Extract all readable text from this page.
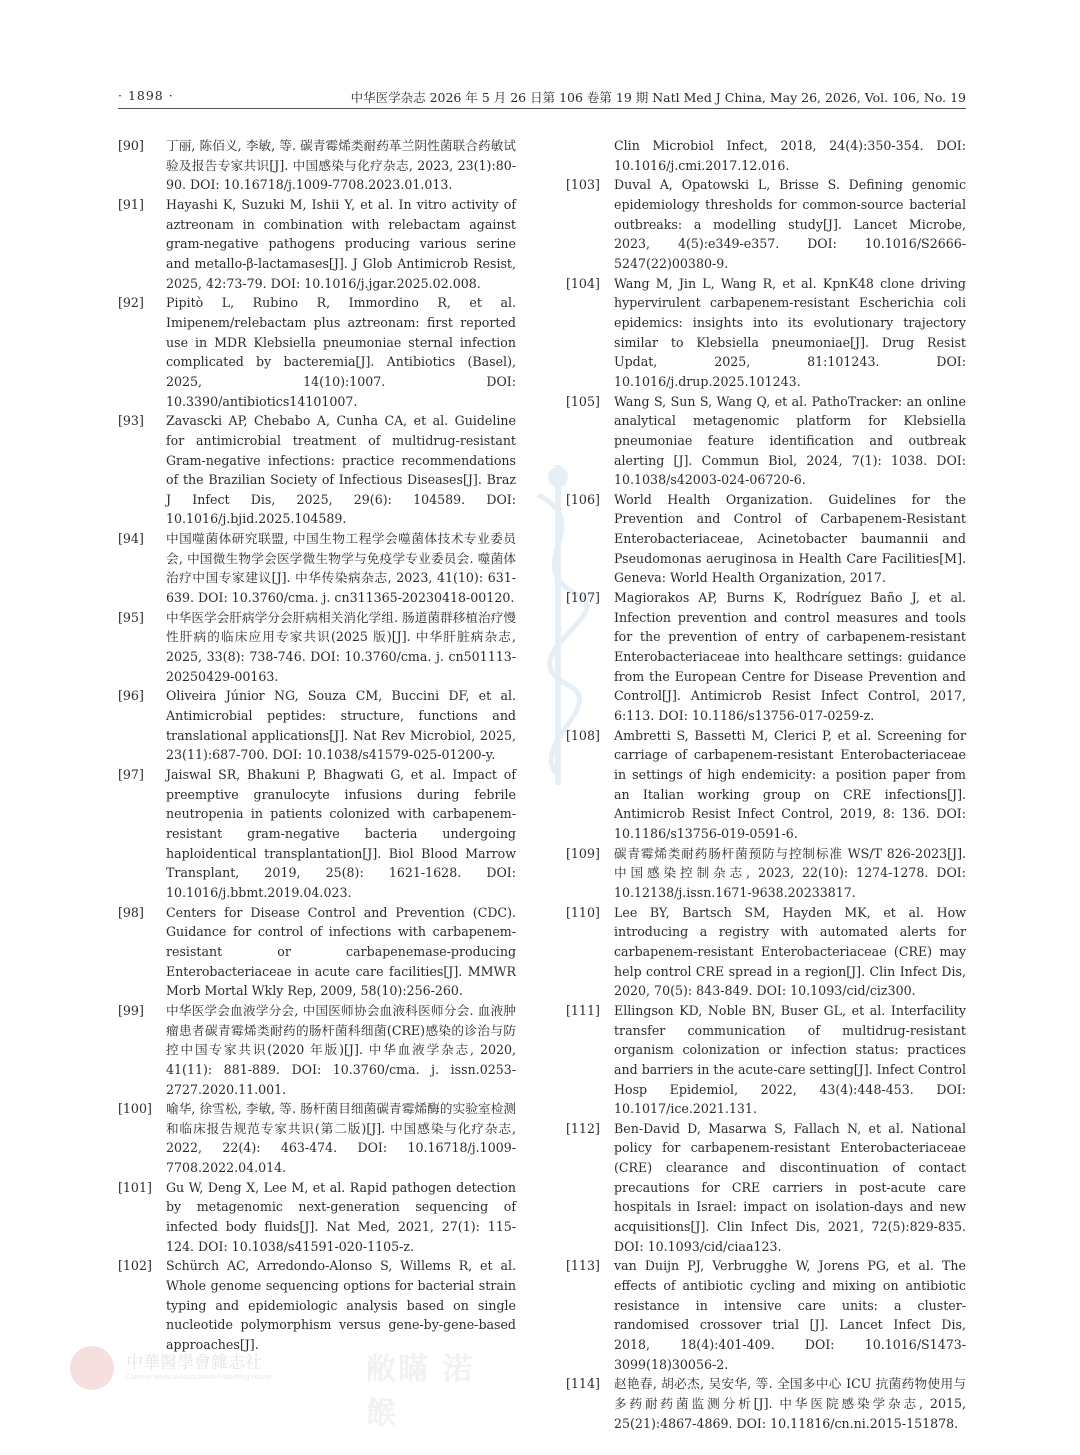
· 1898 ·	中华医学杂志 2026 年 5 月 26 日第 106 卷第 19 期 Natl Med J China, May 26, 2026, Vol. 106, No. 19
[90]	丁丽, 陈佰义, 李敏, 等. 碳青霉烯类耐药革兰阴性菌联合药敏试验及报告专家共识[J]. 中国感染与化疗杂志, 2023, 23(1):80-90. DOI: 10.16718/j.1009-7708.2023.01.013.
[91]	Hayashi K, Suzuki M, Ishii Y, et al. In vitro activity of aztreonam in combination with relebactam against gram-negative pathogens producing various serine and metallo-β-lactamases[J]. J Glob Antimicrob Resist, 2025, 42:73-79. DOI: 10.1016/j.jgar.2025.02.008.
[92]	Pipitò L, Rubino R, Immordino R, et al. Imipenem/relebactam plus aztreonam: first reported use in MDR Klebsiella pneumoniae sternal infection complicated by bacteremia[J]. Antibiotics (Basel), 2025, 14(10):1007. DOI: 10.3390/antibiotics14101007.
[93]	Zavascki AP, Chebabo A, Cunha CA, et al. Guideline for antimicrobial treatment of multidrug-resistant Gram-negative infections: practice recommendations of the Brazilian Society of Infectious Diseases[J]. Braz J Infect Dis, 2025, 29(6): 104589. DOI: 10.1016/j.bjid.2025.104589.
[94]	中国噬菌体研究联盟, 中国生物工程学会噬菌体技术专业委员会, 中国微生物学会医学微生物学与免疫学专业委员会. 噬菌体治疗中国专家建议[J]. 中华传染病杂志, 2023, 41(10): 631-639. DOI: 10.3760/cma. j. cn311365-20230418-00120.
[95]	中华医学会肝病学分会肝病相关消化学组. 肠道菌群移植治疗慢性肝病的临床应用专家共识(2025 版)[J]. 中华肝脏病杂志, 2025, 33(8): 738-746. DOI: 10.3760/cma. j. cn501113-20250429-00163.
[96]	Oliveira Júnior NG, Souza CM, Buccini DF, et al. Antimicrobial peptides: structure, functions and translational applications[J]. Nat Rev Microbiol, 2025, 23(11):687-700. DOI: 10.1038/s41579-025-01200-y.
[97]	Jaiswal SR, Bhakuni P, Bhagwati G, et al. Impact of preemptive granulocyte infusions during febrile neutropenia in patients colonized with carbapenem-resistant gram-negative bacteria undergoing haploidentical transplantation[J]. Biol Blood Marrow Transplant, 2019, 25(8): 1621-1628. DOI: 10.1016/j.bbmt.2019.04.023.
[98]	Centers for Disease Control and Prevention (CDC). Guidance for control of infections with carbapenem-resistant or carbapenemase-producing Enterobacteriaceae in acute care facilities[J]. MMWR Morb Mortal Wkly Rep, 2009, 58(10):256-260.
[99]	中华医学会血液学分会, 中国医师协会血液科医师分会. 血液肿瘤患者碳青霉烯类耐药的肠杆菌科细菌(CRE)感染的诊治与防控中国专家共识(2020 年版)[J]. 中华血液学杂志, 2020, 41(11): 881-889. DOI: 10.3760/cma. j. issn.0253-2727.2020.11.001.
[100]	喻华, 徐雪松, 李敏, 等. 肠杆菌目细菌碳青霉烯酶的实验室检测和临床报告规范专家共识(第二版)[J]. 中国感染与化疗杂志, 2022, 22(4): 463-474. DOI: 10.16718/j.1009-7708.2022.04.014.
[101]	Gu W, Deng X, Lee M, et al. Rapid pathogen detection by metagenomic next-generation sequencing of infected body fluids[J]. Nat Med, 2021, 27(1): 115-124. DOI: 10.1038/s41591-020-1105-z.
[102]	Schürch AC, Arredondo-Alonso S, Willems R, et al. Whole genome sequencing options for bacterial strain typing and epidemiologic analysis based on single nucleotide polymorphism versus gene-by-gene-based approaches[J].
Clin Microbiol Infect, 2018, 24(4):350-354. DOI: 10.1016/j.cmi.2017.12.016.
[103]	Duval A, Opatowski L, Brisse S. Defining genomic epidemiology thresholds for common-source bacterial outbreaks: a modelling study[J]. Lancet Microbe, 2023, 4(5):e349-e357. DOI: 10.1016/S2666-5247(22)00380-9.
[104]	Wang M, Jin L, Wang R, et al. KpnK48 clone driving hypervirulent carbapenem-resistant Escherichia coli epidemics: insights into its evolutionary trajectory similar to Klebsiella pneumoniae[J]. Drug Resist Updat, 2025, 81:101243. DOI: 10.1016/j.drup.2025.101243.
[105]	Wang S, Sun S, Wang Q, et al. PathoTracker: an online analytical metagenomic platform for Klebsiella pneumoniae feature identification and outbreak alerting [J]. Commun Biol, 2024, 7(1): 1038. DOI: 10.1038/s42003-024-06720-6.
[106]	World Health Organization. Guidelines for the Prevention and Control of Carbapenem-Resistant Enterobacteriaceae, Acinetobacter baumannii and Pseudomonas aeruginosa in Health Care Facilities[M]. Geneva: World Health Organization, 2017.
[107]	Magiorakos AP, Burns K, Rodríguez Baño J, et al. Infection prevention and control measures and tools for the prevention of entry of carbapenem-resistant Enterobacteriaceae into healthcare settings: guidance from the European Centre for Disease Prevention and Control[J]. Antimicrob Resist Infect Control, 2017, 6:113. DOI: 10.1186/s13756-017-0259-z.
[108]	Ambretti S, Bassetti M, Clerici P, et al. Screening for carriage of carbapenem-resistant Enterobacteriaceae in settings of high endemicity: a position paper from an Italian working group on CRE infections[J]. Antimicrob Resist Infect Control, 2019, 8: 136. DOI: 10.1186/s13756-019-0591-6.
[109]	碳青霉烯类耐药肠杆菌预防与控制标准 WS/T 826-2023[J]. 中国感染控制杂志, 2023, 22(10): 1274-1278. DOI: 10.12138/j.issn.1671-9638.20233817.
[110]	Lee BY, Bartsch SM, Hayden MK, et al. How introducing a registry with automated alerts for carbapenem-resistant Enterobacteriaceae (CRE) may help control CRE spread in a region[J]. Clin Infect Dis, 2020, 70(5): 843-849. DOI: 10.1093/cid/ciz300.
[111]	Ellingson KD, Noble BN, Buser GL, et al. Interfacility transfer communication of multidrug-resistant organism colonization or infection status: practices and barriers in the acute-care setting[J]. Infect Control Hosp Epidemiol, 2022, 43(4):448-453. DOI: 10.1017/ice.2021.131.
[112]	Ben-David D, Masarwa S, Fallach N, et al. National policy for carbapenem-resistant Enterobacteriaceae (CRE) clearance and discontinuation of contact precautions for CRE carriers in post-acute care hospitals in Israel: impact on isolation-days and new acquisitions[J]. Clin Infect Dis, 2021, 72(5):829-835. DOI: 10.1093/cid/ciaa123.
[113]	van Duijn PJ, Verbrugghe W, Jorens PG, et al. The effects of antibiotic cycling and mixing on antibiotic resistance in intensive care units: a cluster-randomised crossover trial [J]. Lancet Infect Dis, 2018, 18(4):401-409. DOI: 10.1016/S1473-3099(18)30056-2.
[114]	赵艳春, 胡必杰, 吴安华, 等. 全国多中心 ICU 抗菌药物使用与多药耐药菌监测分析[J]. 中华医院感染学杂志, 2015, 25(21):4867-4869. DOI: 10.11816/cn.ni.2015-151878.
中華醫學會雜志社
Chinese Medical Association Publishing House	敝瞞 渃餱
